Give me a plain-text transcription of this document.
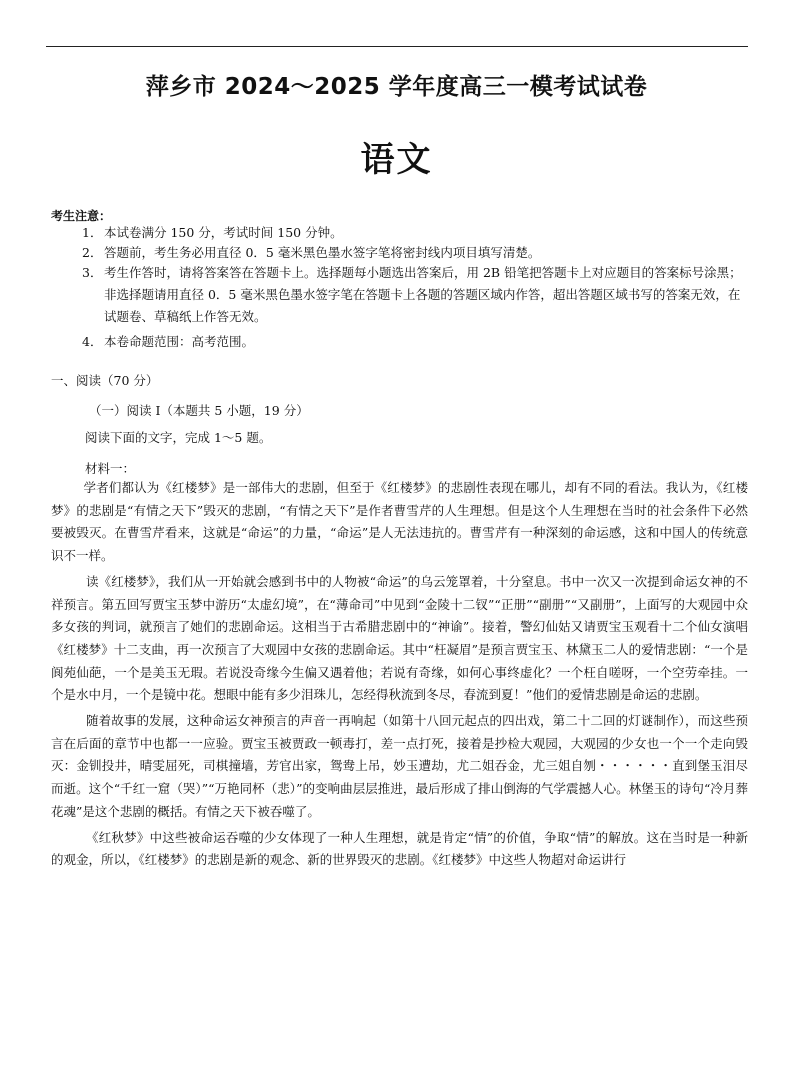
萍乡市 2024～2025 学年度高三一模考试试卷
语文
考生注意：
1． 本试卷满分 150 分，考试时间 150 分钟。
2． 答题前，考生务必用直径 0．5 毫米黑色墨水签字笔将密封线内项目填写清楚。
3． 考生作答时，请将答案答在答题卡上。选择题每小题选出答案后，用 2B 铅笔把答题卡上对应题目的答案标号涂黑；非选择题请用直径 0．5 毫米黑色墨水签字笔在答题卡上各题的答题区域内作答，超出答题区域书写的答案无效，在试题卷、草稿纸上作答无效。
4． 本卷命题范围：高考范围。
一、阅读（70 分）
（一）阅读 I（本题共 5 小题，19 分）
阅读下面的文字，完成 1～5 题。
材料一：

学者们都认为《红楼梦》是一部伟大的悲剧，但至于《红楼梦》的悲剧性表现在哪儿，却有不同的看法。我认为，《红楼梦》的悲剧是“有情之天下”毁灭的悲剧，“有情之天下”是作者曹雪芹的人生理想。但是这个人生理想在当时的社会条件下必然要被毁灭。在曹雪芹看来，这就是“命运”的力量，“命运”是人无法违抗的。曹雪芹有一种深刻的命运感，这和中国人的传统意识不一样。

读《红楼梦》，我们从一开始就会感到书中的人物被“命运”的乌云笼罩着，十分窒息。书中一次又一次提到命运女神的不祥预言。第五回写贾宝玉梦中游历“太虚幻境”，在“薄命司”中见到“金陵十二钗”“正册”“副册”“又副册”，上面写的大观园中众多女孩的判词，就预言了她们的悲剧命运。这相当于古希腊悲剧中的“神谕”。接着，警幻仙姑又请贾宝玉观看十二个仙女演唱《红楼梦》十二支曲，再一次预言了大观园中女孩的悲剧命运。其中“枉凝眉”是预言贾宝玉、林黛玉二人的爱情悲剧：“一个是阆苑仙葩，一个是美玉无瑕。若说没奇缘今生偏又遇着他；若说有奇缘，如何心事终虚化？一个枉自嗟呀，一个空劳牵挂。一个是水中月，一个是镜中花。想眼中能有多少泪珠儿，怎经得秋流到冬尽，春流到夏！”他们的爱情悲剧是命运的悲剧。

随着故事的发展，这种命运女神预言的声音一再响起（如第十八回元起点的四出戏，第二十二回的灯谜制作），而这些预言在后面的章节中也都一一应验。贾宝玉被贾政一顿毒打，差一点打死，接着是抄检大观园，大观园的少女也一个一个走向毁灭：金钏投井，晴雯屈死，司棋撞墙，芳官出家，鸳鸯上吊，妙玉遭劫，尤二姐吞金，尤三姐自刎・・・・・・直到堡玉泪尽而逝。这个“千红一窟（哭）”“万艳同杯（悲）”的变响曲层层推进，最后形成了排山倒海的气学震撼人心。林堡玉的诗句“冷月葬花魂”是这个悲剧的概括。有情之天下被吞噬了。

《红秋梦》中这些被命运吞噬的少女体现了一种人生理想，就是肯定“情”的价值，争取“情”的解放。这在当时是一种新的观金，所以，《红楼梦》的悲剧是新的观念、新的世界毁灭的悲剧。《红楼梦》中这些人物超对命运讲行
